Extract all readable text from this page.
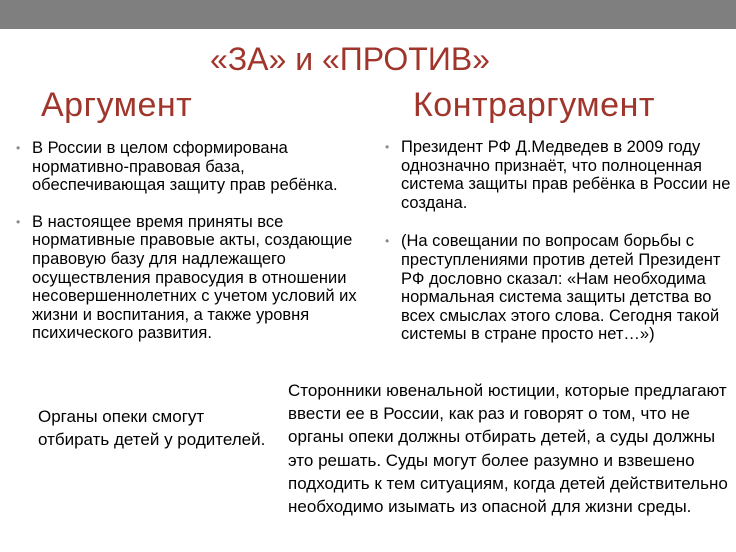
«ЗА» и «ПРОТИВ»
Аргумент	Контраргумент
• В России в целом сформирована нормативно-правовая база, обеспечивающая защиту прав ребёнка.
• В настоящее время приняты все нормативные правовые акты, создающие правовую базу для надлежащего осуществления правосудия в отношении несовершеннолетних с учетом условий их жизни и воспитания, а также уровня психического развития.
• Президент РФ Д.Медведев в 2009 году однозначно признаёт, что полноценная система защиты прав ребёнка в России не создана.
• (На совещании по вопросам борьбы с преступлениями против детей Президент РФ дословно сказал: «Нам необходима нормальная система защиты детства во всех смыслах этого слова. Сегодня такой системы в стране просто нет…»)

Органы опеки смогут отбирать детей у родителей.

Сторонники ювенальной юстиции, которые предлагают ввести ее в России, как раз и говорят о том, что не органы опеки должны отбирать детей, а суды должны это решать. Суды могут более разумно и взвешено подходить к тем ситуациям, когда детей действительно необходимо изымать из опасной для жизни среды.
